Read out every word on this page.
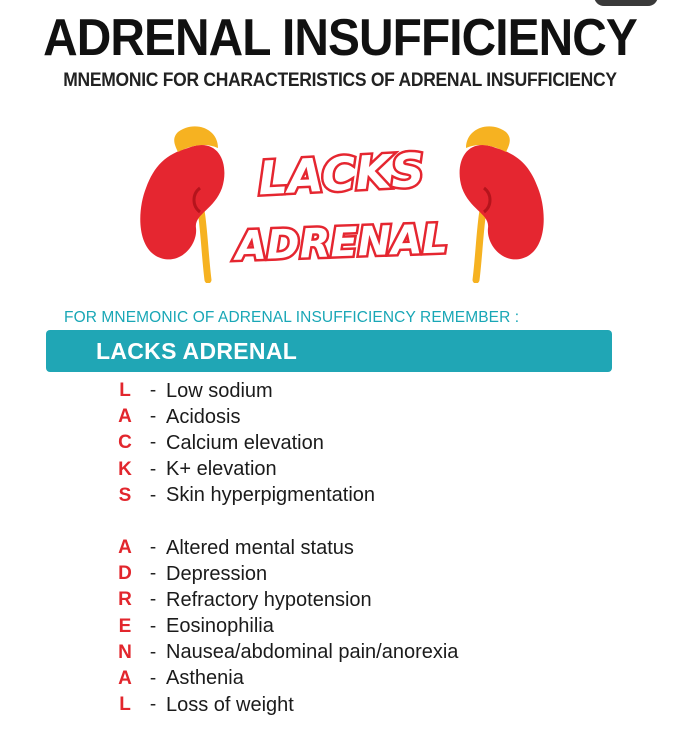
ADRENAL INSUFFICIENCY
MNEMONIC FOR CHARACTERISTICS OF ADRENAL INSUFFICIENCY
LACKS
ADRENAL
FOR MNEMONIC OF ADRENAL INSUFFICIENCY REMEMBER :
LACKS ADRENAL
L	- Low sodium
A - Acidosis
C - Calcium elevation
K - K+ elevation
S - Skin hyperpigmentation
A - Altered mental status
D - Depression
R - Refractory hypotension
E - Eosinophilia
N - Nausea/abdominal pain/anorexia
A - Asthenia
L	- Loss of weight
